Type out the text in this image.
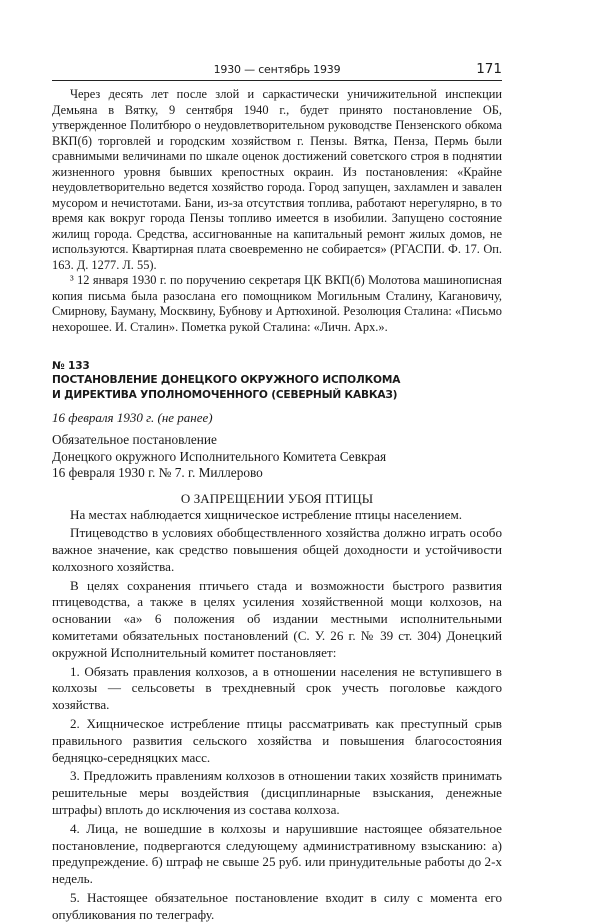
1930 — сентябрь 1939	171

Через десять лет после злой и саркастически уничижительной инспекции Демьяна в Вятку, 9 сентября 1940 г., будет принято постановление ОБ, утвержденное Политбюро о неудовлетворительном руководстве Пензенского обкома ВКП(б) торговлей и городским хозяйством г. Пензы. Вятка, Пенза, Пермь были сравнимыми величинами по шкале оценок достижений советского строя в поднятии жизненного уровня бывших крепостных окраин. Из постановления: «Крайне неудовлетворительно ведется хозяйство города. Город запущен, захламлен и завален мусором и нечистотами. Бани, из-за отсутствия топлива, работают нерегулярно, в то время как вокруг города Пензы топливо имеется в изобилии. Запущено состояние жилищ города. Средства, ассигнованные на капитальный ремонт жилых домов, не используются. Квартирная плата своевременно не собирается» (РГАСПИ. Ф. 17. Оп. 163. Д. 1277. Л. 55).

³ 12 января 1930 г. по поручению секретаря ЦК ВКП(б) Молотова машинописная копия письма была разослана его помощником Могильным Сталину, Кагановичу, Смирнову, Бауману, Москвину, Бубнову и Артюхиной. Резолюция Сталина: «Письмо нехорошее. И. Сталин». Пометка рукой Сталина: «Личн. Арх.».

№ 133
ПОСТАНОВЛЕНИЕ ДОНЕЦКОГО ОКРУЖНОГО ИСПОЛКОМА
И ДИРЕКТИВА УПОЛНОМОЧЕННОГО (СЕВЕРНЫЙ КАВКАЗ)
16 февраля 1930 г. (не ранее)
Обязательное постановление
Донецкого окружного Исполнительного Комитета Севкрая
16 февраля 1930 г. № 7. г. Миллерово
О ЗАПРЕЩЕНИИ УБОЯ ПТИЦЫ

На местах наблюдается хищническое истребление птицы населением.

Птицеводство в условиях обобществленного хозяйства должно играть особо важное значение, как средство повышения общей доходности и устойчивости колхозного хозяйства.

В целях сохранения птичьего стада и возможности быстрого развития птицеводства, а также в целях усиления хозяйственной мощи колхозов, на основании «а» 6 положения об издании местными исполнительными комитетами обязательных постановлений (С. У. 26 г. № 39 ст. 304) Донецкий окружной Исполнительный комитет постановляет:

1. Обязать правления колхозов, а в отношении населения не вступившего в колхозы — сельсоветы в трехдневный срок учесть поголовье каждого хозяйства.

2. Хищническое истребление птицы рассматривать как преступный срыв правильного развития сельского хозяйства и повышения благосостояния бедняцко-середняцких масс.

3. Предложить правлениям колхозов в отношении таких хозяйств принимать решительные меры воздействия (дисциплинарные взыскания, денежные штрафы) вплоть до исключения из состава колхоза.

4. Лица, не вошедшие в колхозы и нарушившие настоящее обязательное постановление, подвергаются следующему административному взысканию: а) предупреждение. б) штраф не свыше 25 руб. или принудительные работы до 2-х недель.

5. Настоящее обязательное постановление входит в силу с момента его опубликования по телеграфу.
